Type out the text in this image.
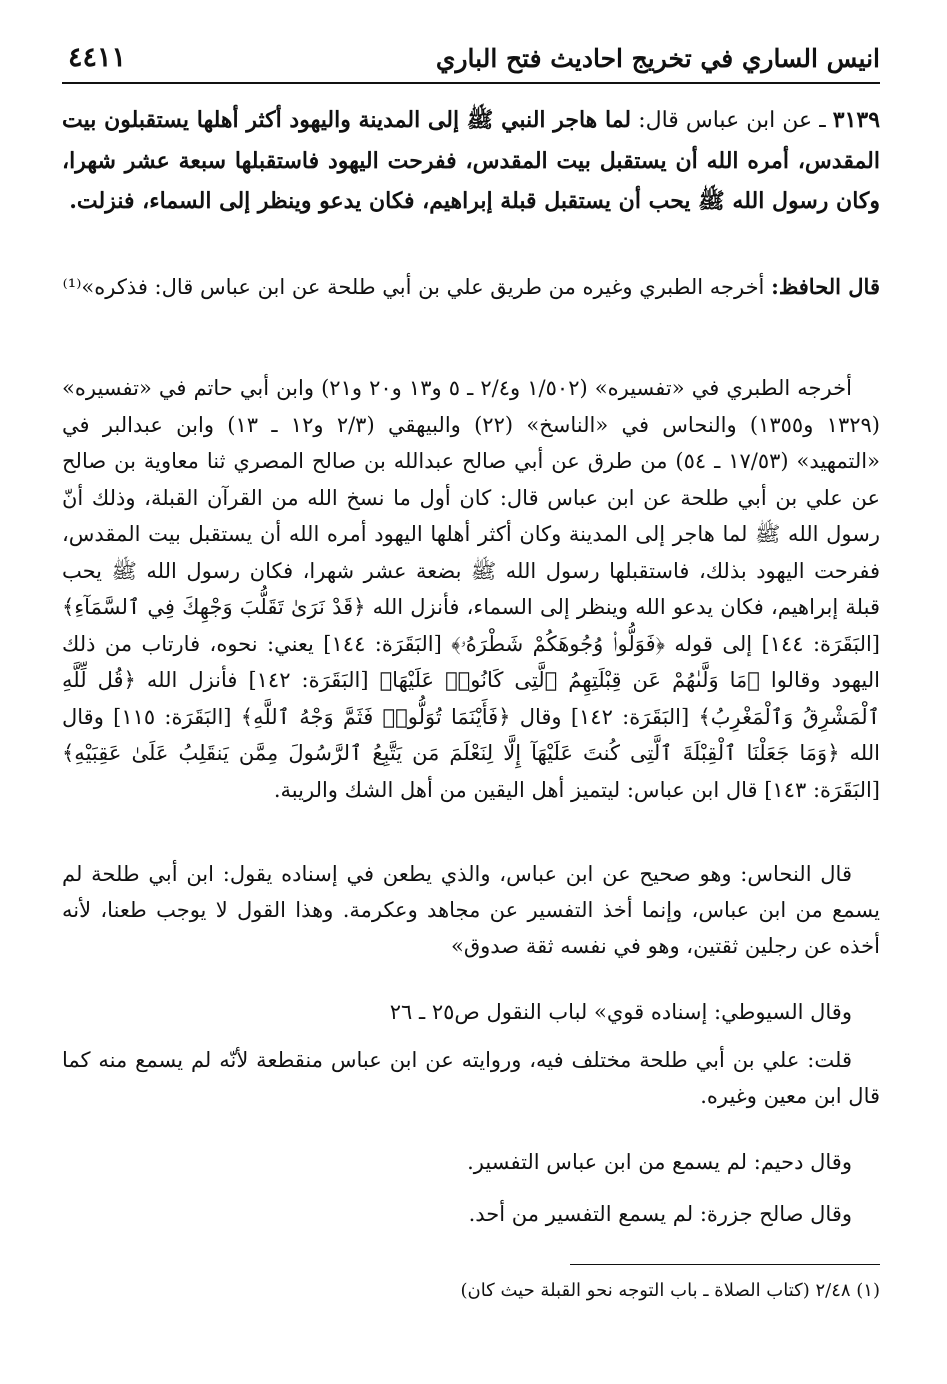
انيس الساري في تخريج احاديث فتح الباري
٤٤١١
٣١٣٩ ـ عن ابن عباس قال: لما هاجر النبي ﷺ إلى المدينة واليهود أكثر أهلها يستقبلون بيت المقدس، أمره الله أن يستقبل بيت المقدس، ففرحت اليهود فاستقبلها سبعة عشر شهرا، وكان رسول الله ﷺ يحب أن يستقبل قبلة إبراهيم، فكان يدعو وينظر إلى السماء، فنزلت.
قال الحافظ: أخرجه الطبري وغيره من طريق علي بن أبي طلحة عن ابن عباس قال: فذكره»⁽¹⁾
أخرجه الطبري في «تفسيره» (١/٥٠٢ و٢/٤ ـ ٥ و١٣ و٢٠ و٢١) وابن أبي حاتم في «تفسيره» (١٣٢٩ و١٣٥٥) والنحاس في «الناسخ» (٢٢) والبيهقي (٢/٣ و١٢ ـ ١٣) وابن عبدالبر في «التمهيد» (١٧/٥٣ ـ ٥٤) من طرق عن أبي صالح عبدالله بن صالح المصري ثنا معاوية بن صالح عن علي بن أبي طلحة عن ابن عباس قال: كان أول ما نسخ الله من القرآن القبلة، وذلك أنّ رسول الله ﷺ لما هاجر إلى المدينة وكان أكثر أهلها اليهود أمره الله أن يستقبل بيت المقدس، ففرحت اليهود بذلك، فاستقبلها رسول الله ﷺ بضعة عشر شهرا، فكان رسول الله ﷺ يحب قبلة إبراهيم، فكان يدعو الله وينظر إلى السماء، فأنزل الله ﴿قَدْ نَرَىٰ تَقَلُّبَ وَجْهِكَ فِي ٱلسَّمَآءِ﴾ [البَقَرَة: ١٤٤] إلى قوله ﴿فَوَلُّوا۟ وُجُوهَكُمْ شَطْرَهُۥ﴾ [البَقَرَة: ١٤٤] يعني: نحوه، فارتاب من ذلك اليهود وقالوا ﴿مَا وَلَّىٰهُمْ عَن قِبْلَتِهِمُ ٱلَّتِى كَانُوا۟ عَلَيْهَا﴾ [البَقَرَة: ١٤٢] فأنزل الله ﴿قُل لِّلَّهِ ٱلْمَشْرِقُ وَٱلْمَغْرِبُ﴾ [البَقَرَة: ١٤٢] وقال ﴿فَأَيْنَمَا تُوَلُّوا۟ فَثَمَّ وَجْهُ ٱللَّهِ﴾ [البَقَرَة: ١١٥] وقال الله ﴿وَمَا جَعَلْنَا ٱلْقِبْلَةَ ٱلَّتِى كُنتَ عَلَيْهَآ إِلَّا لِنَعْلَمَ مَن يَتَّبِعُ ٱلرَّسُولَ مِمَّن يَنقَلِبُ عَلَىٰ عَقِبَيْهِ﴾ [البَقَرَة: ١٤٣] قال ابن عباس: ليتميز أهل اليقين من أهل الشك والريبة.
قال النحاس: وهو صحيح عن ابن عباس، والذي يطعن في إسناده يقول: ابن أبي طلحة لم يسمع من ابن عباس، وإنما أخذ التفسير عن مجاهد وعكرمة. وهذا القول لا يوجب طعنا، لأنه أخذه عن رجلين ثقتين، وهو في نفسه ثقة صدوق»
وقال السيوطي: إسناده قوي» لباب النقول ص٢٥ ـ ٢٦
قلت: علي بن أبي طلحة مختلف فيه، وروايته عن ابن عباس منقطعة لأنّه لم يسمع منه كما قال ابن معين وغيره.
وقال دحيم: لم يسمع من ابن عباس التفسير.
وقال صالح جزرة: لم يسمع التفسير من أحد.
(١) ٢/٤٨ (كتاب الصلاة ـ باب التوجه نحو القبلة حيث كان)
